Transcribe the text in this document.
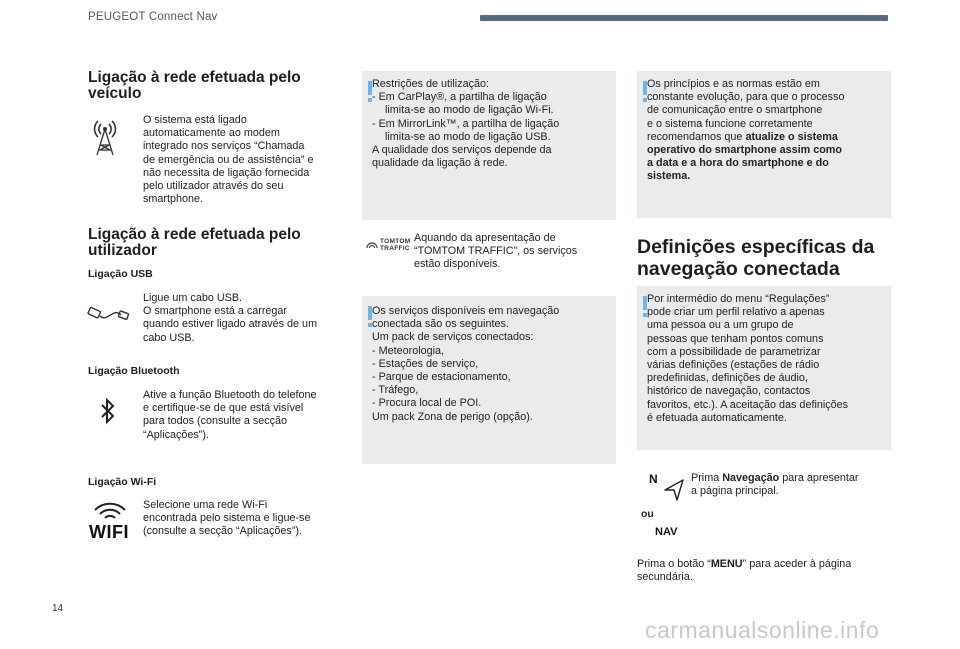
PEUGEOT Connect Nav
Ligação à rede efetuada pelo
veículo
O sistema está ligado
automaticamente ao modem
integrado nos serviços “Chamada
de emergência ou de assistência” e
não necessita de ligação fornecida
pelo utilizador através do seu
smartphone.
Ligação à rede efetuada pelo
utilizador
Ligação USB
Ligue um cabo USB.
O smartphone está a carregar
quando estiver ligado através de um
cabo USB.
Ligação Bluetooth
Ative a função Bluetooth do telefone
e certifique-se de que está visível
para todos (consulte a secção
“Aplicações”).
Ligação Wi-Fi
WIFI
Selecione uma rede Wi-Fi
encontrada pelo sistema e ligue-se
(consulte a secção “Aplicações”).
Restrições de utilização:
- Em CarPlay®, a partilha de ligação
limita-se ao modo de ligação Wi-Fi.
- Em MirrorLink™, a partilha de ligação
limita-se ao modo de ligação USB.
A qualidade dos serviços depende da
qualidade da ligação à rede.
TOMTOM
TRAFFIC
Aquando da apresentação de
“TOMTOM TRAFFIC”, os serviços
estão disponíveis.
Os serviços disponíveis em navegação
conectada são os seguintes.
Um pack de serviços conectados:
- Meteorologia,
- Estações de serviço,
- Parque de estacionamento,
- Tráfego,
- Procura local de POI.
Um pack Zona de perigo (opção).
Os princípios e as normas estão em
constante evolução, para que o processo
de comunicação entre o smartphone
e o sistema funcione corretamente
recomendamos que atualize o sistema
operativo do smartphone assim como
a data e a hora do smartphone e do
sistema.
Definições específicas da
navegação conectada
Por intermédio do menu “Regulações”
pode criar um perfil relativo a apenas
uma pessoa ou a um grupo de
pessoas que tenham pontos comuns
com a possibilidade de parametrizar
várias definições (estações de rádio
predefinidas, definições de áudio,
histórico de navegação, contactos
favoritos, etc.). A aceitação das definições
é efetuada automaticamente.
N
ou
NAV
Prima Navegação para apresentar
a página principal.
Prima o botão “MENU” para aceder à página
secundária.
14
carmanualsonline.info
